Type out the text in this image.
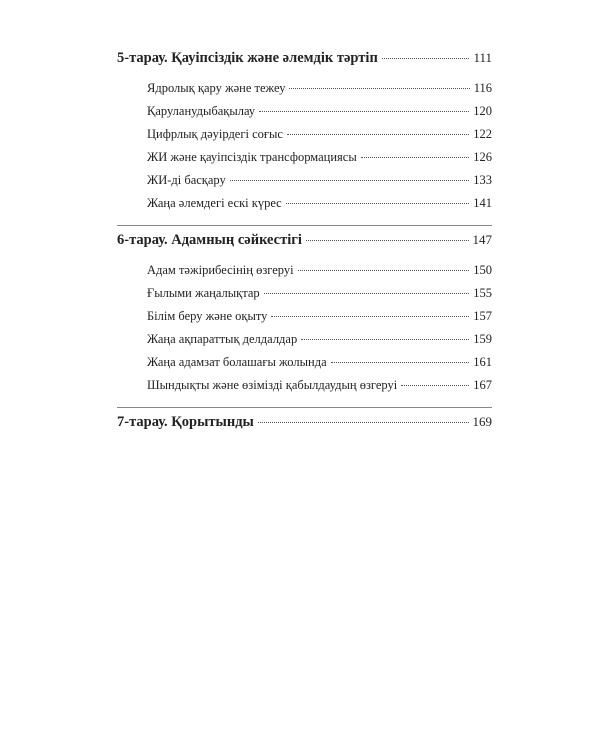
5-тарау. Қауіпсіздік және әлемдік тәртіп	111
Ядролық қару және тежеу	116
Қаруланудыбақылау	120
Цифрлық дәуірдегі соғыс	122
ЖИ және қауіпсіздік трансформациясы	126
ЖИ-ді басқару	133
Жаңа әлемдегі ескі күрес	141
6-тарау. Адамның сәйкестігі	147
Адам тәжірибесінің өзгеруі	150
Ғылыми жаңалықтар	155
Білім беру және оқыту	157
Жаңа ақпараттық делдалдар	159
Жаңа адамзат болашағы жолында	161
Шындықты және өзімізді қабылдаудың өзгеруі	167
7-тарау. Қорытынды	169
